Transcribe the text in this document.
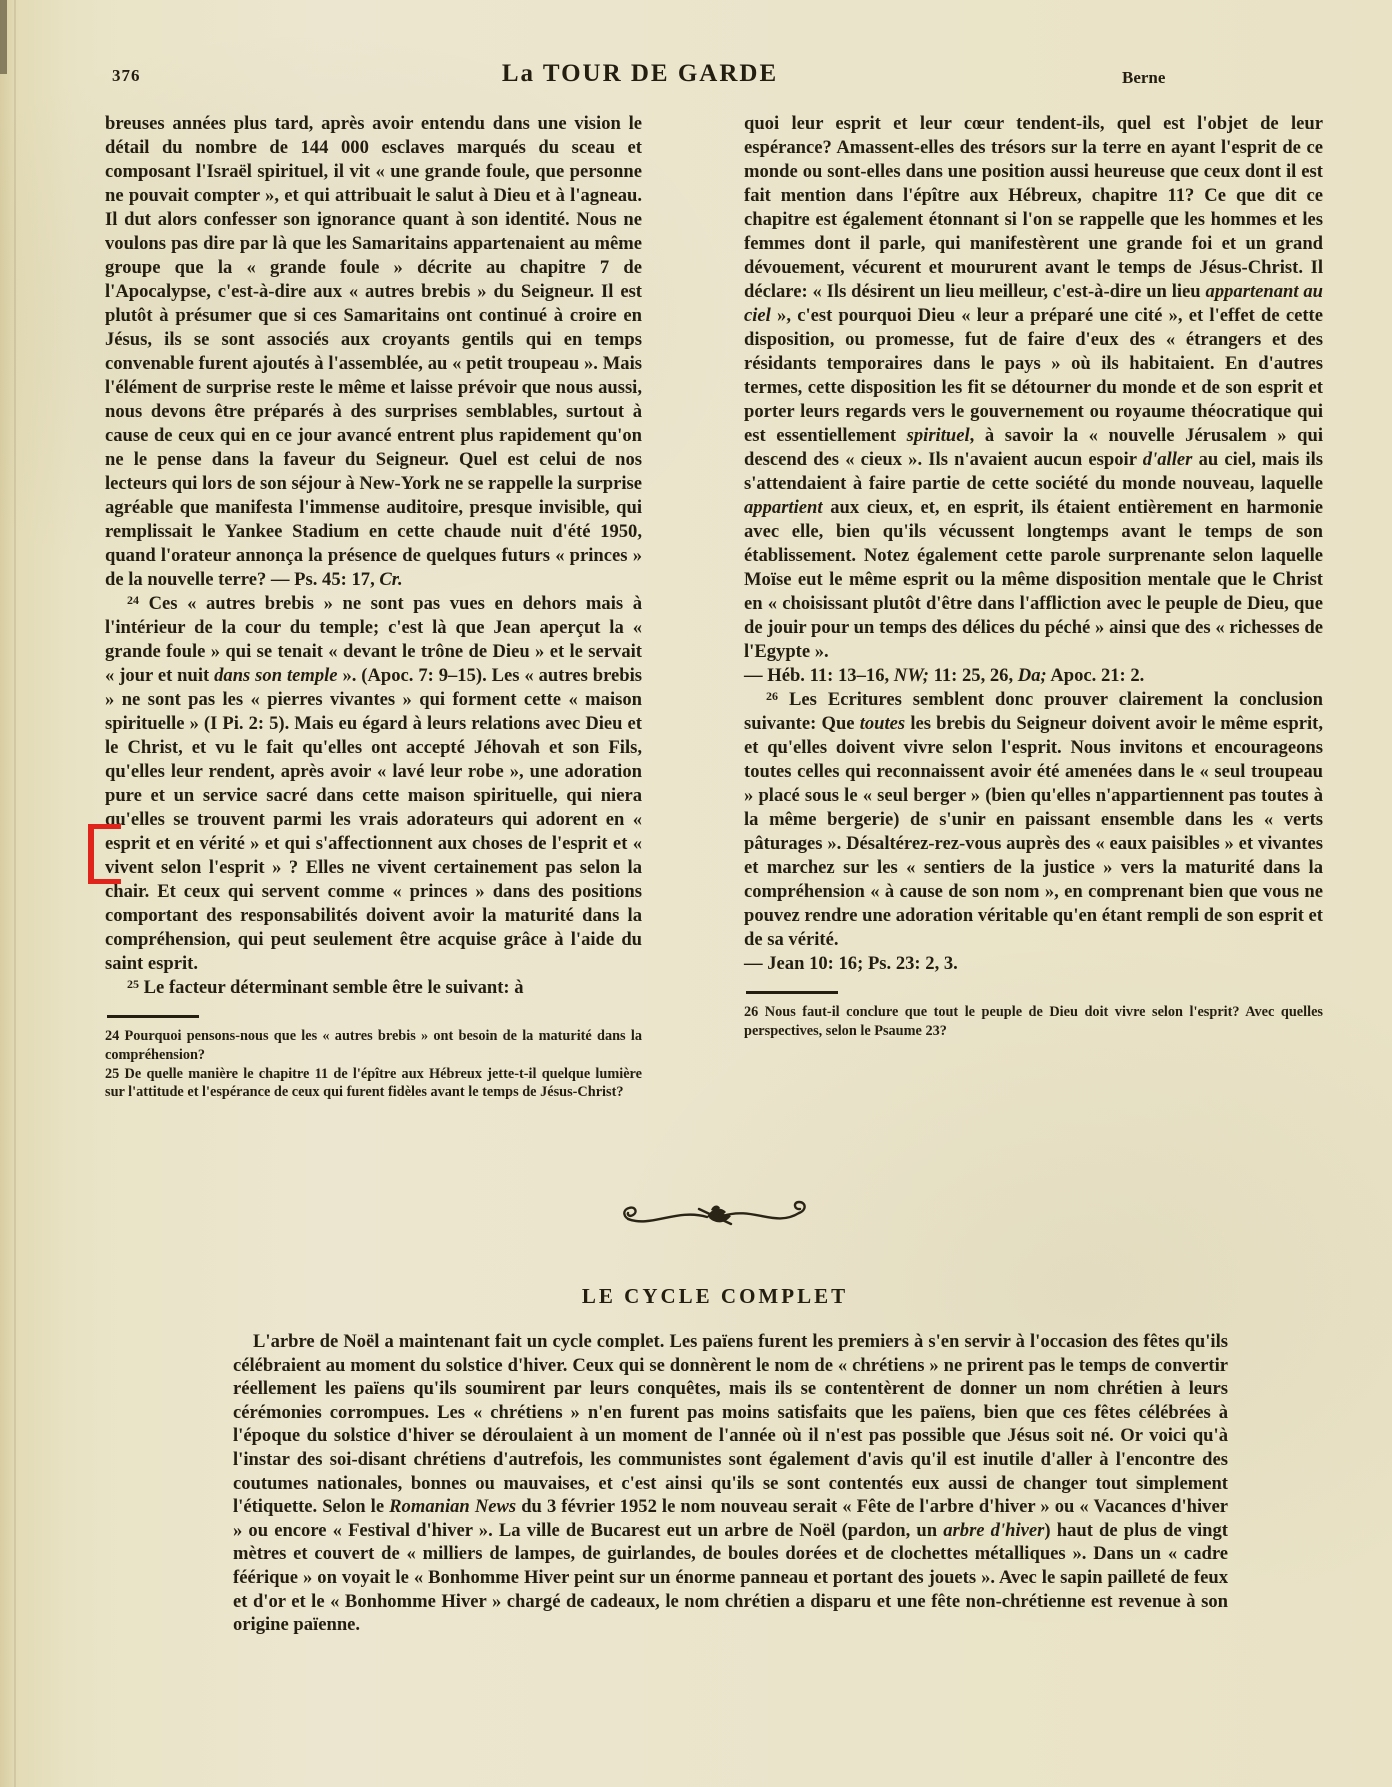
376	La TOUR DE GARDE	Berne

breuses années plus tard, après avoir entendu dans une vision le détail du nombre de 144 000 esclaves marqués du sceau et composant l'Israël spirituel, il vit « une grande foule, que personne ne pouvait compter », et qui attribuait le salut à Dieu et à l'agneau. Il dut alors confesser son ignorance quant à son identité. Nous ne voulons pas dire par là que les Samaritains appartenaient au même groupe que la « grande foule » décrite au chapitre 7 de l'Apocalypse, c'est-à-dire aux « autres brebis » du Seigneur. Il est plutôt à présumer que si ces Samaritains ont continué à croire en Jésus, ils se sont associés aux croyants gentils qui en temps convenable furent ajoutés à l'assemblée, au « petit troupeau ». Mais l'élément de surprise reste le même et laisse prévoir que nous aussi, nous devons être préparés à des surprises semblables, surtout à cause de ceux qui en ce jour avancé entrent plus rapidement qu'on ne le pense dans la faveur du Seigneur. Quel est celui de nos lecteurs qui lors de son séjour à New-York ne se rappelle la surprise agréable que manifesta l'immense auditoire, presque invisible, qui remplissait le Yankee Stadium en cette chaude nuit d'été 1950, quand l'orateur annonça la présence de quelques futurs « princes » de la nouvelle terre? — Ps. 45: 17, Cr.

$^{24}$ Ces « autres brebis » ne sont pas vues en dehors mais à l'intérieur de la cour du temple; c'est là que Jean aperçut la « grande foule » qui se tenait « devant le trône de Dieu » et le servait « jour et nuit dans son temple ». (Apoc. 7: 9–15). Les « autres brebis » ne sont pas les « pierres vivantes » qui forment cette « maison spirituelle » (I Pi. 2: 5). Mais eu égard à leurs relations avec Dieu et le Christ, et vu le fait qu'elles ont accepté Jéhovah et son Fils, qu'elles leur rendent, après avoir « lavé leur robe », une adoration pure et un service sacré dans cette maison spirituelle, qui niera qu'elles se trouvent parmi les vrais adorateurs qui adorent en « esprit et en vérité » et qui s'affectionnent aux choses de l'esprit et « vivent selon l'esprit » ? Elles ne vivent certainement pas selon la chair. Et ceux qui servent comme « princes » dans des positions comportant des responsabilités doivent avoir la maturité dans la compréhension, qui peut seulement être acquise grâce à l'aide du saint esprit.

$^{25}$ Le facteur déterminant semble être le suivant: à

24 Pourquoi pensons-nous que les « autres brebis » ont besoin de la maturité dans la compréhension?

25 De quelle manière le chapitre 11 de l'épître aux Hébreux jette-t-il quelque lumière sur l'attitude et l'espérance de ceux qui furent fidèles avant le temps de Jésus-Christ?

quoi leur esprit et leur cœur tendent-ils, quel est l'objet de leur espérance? Amassent-elles des trésors sur la terre en ayant l'esprit de ce monde ou sont-elles dans une position aussi heureuse que ceux dont il est fait mention dans l'épître aux Hébreux, chapitre 11? Ce que dit ce chapitre est également étonnant si l'on se rappelle que les hommes et les femmes dont il parle, qui manifestèrent une grande foi et un grand dévouement, vécurent et moururent avant le temps de Jésus-Christ. Il déclare: « Ils désirent un lieu meilleur, c'est-à-dire un lieu appartenant au ciel », c'est pourquoi Dieu « leur a préparé une cité », et l'effet de cette disposition, ou promesse, fut de faire d'eux des « étrangers et des résidants temporaires dans le pays » où ils habitaient. En d'autres termes, cette disposition les fit se détourner du monde et de son esprit et porter leurs regards vers le gouvernement ou royaume théocratique qui est essentiellement spirituel, à savoir la « nouvelle Jérusalem » qui descend des « cieux ». Ils n'avaient aucun espoir d'aller au ciel, mais ils s'attendaient à faire partie de cette société du monde nouveau, laquelle appartient aux cieux, et, en esprit, ils étaient entièrement en harmonie avec elle, bien qu'ils vécussent longtemps avant le temps de son établissement. Notez également cette parole surprenante selon laquelle Moïse eut le même esprit ou la même disposition mentale que le Christ en « choisissant plutôt d'être dans l'affliction avec le peuple de Dieu, que de jouir pour un temps des délices du péché » ainsi que des « richesses de l'Egypte ».

— Héb. 11: 13–16, NW; 11: 25, 26, Da; Apoc. 21: 2.

$^{26}$ Les Ecritures semblent donc prouver clairement la conclusion suivante: Que toutes les brebis du Seigneur doivent avoir le même esprit, et qu'elles doivent vivre selon l'esprit. Nous invitons et encourageons toutes celles qui reconnaissent avoir été amenées dans le « seul troupeau » placé sous le « seul berger » (bien qu'elles n'appartiennent pas toutes à la même bergerie) de s'unir en paissant ensemble dans les « verts pâturages ». Désaltérez-rez-vous auprès des « eaux paisibles » et vivantes et marchez sur les « sentiers de la justice » vers la maturité dans la compréhension « à cause de son nom », en comprenant bien que vous ne pouvez rendre une adoration véritable qu'en étant rempli de son esprit et de sa vérité.

— Jean 10: 16; Ps. 23: 2, 3.

26 Nous faut-il conclure que tout le peuple de Dieu doit vivre selon l'esprit? Avec quelles perspectives, selon le Psaume 23?

LE CYCLE COMPLET

L'arbre de Noël a maintenant fait un cycle complet. Les païens furent les premiers à s'en servir à l'occasion des fêtes qu'ils célébraient au moment du solstice d'hiver. Ceux qui se donnèrent le nom de « chrétiens » ne prirent pas le temps de convertir réellement les païens qu'ils soumirent par leurs conquêtes, mais ils se contentèrent de donner un nom chrétien à leurs cérémonies corrompues. Les « chrétiens » n'en furent pas moins satisfaits que les païens, bien que ces fêtes célébrées à l'époque du solstice d'hiver se déroulaient à un moment de l'année où il n'est pas possible que Jésus soit né. Or voici qu'à l'instar des soi-disant chrétiens d'autrefois, les communistes sont également d'avis qu'il est inutile d'aller à l'encontre des coutumes nationales, bonnes ou mauvaises, et c'est ainsi qu'ils se sont contentés eux aussi de changer tout simplement l'étiquette. Selon le Romanian News du 3 février 1952 le nom nouveau serait « Fête de l'arbre d'hiver » ou « Vacances d'hiver » ou encore « Festival d'hiver ». La ville de Bucarest eut un arbre de Noël (pardon, un arbre d'hiver) haut de plus de vingt mètres et couvert de « milliers de lampes, de guirlandes, de boules dorées et de clochettes métalliques ». Dans un « cadre féérique » on voyait le « Bonhomme Hiver peint sur un énorme panneau et portant des jouets ». Avec le sapin pailleté de feux et d'or et le « Bonhomme Hiver » chargé de cadeaux, le nom chrétien a disparu et une fête non-chrétienne est revenue à son origine païenne.
